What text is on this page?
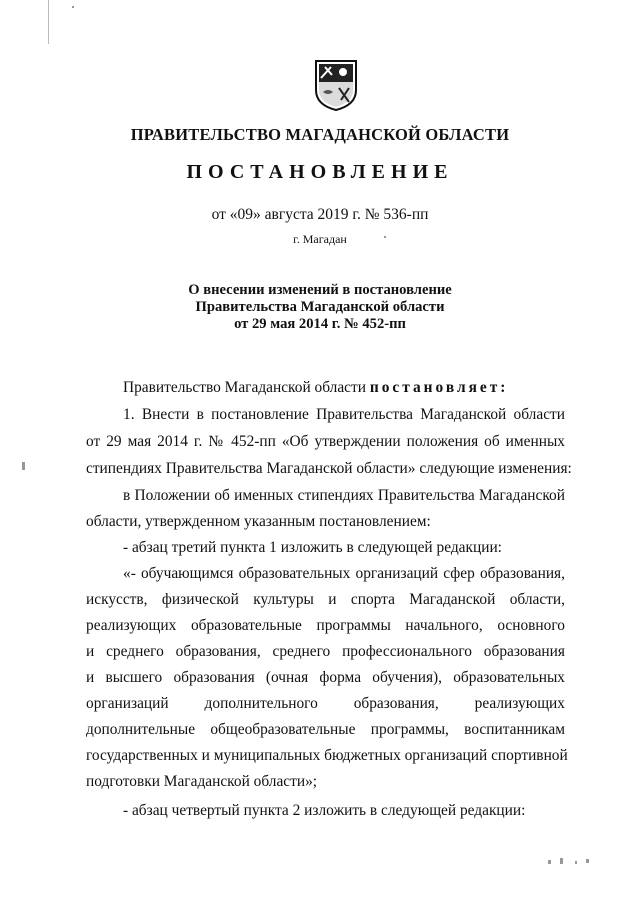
ПРАВИТЕЛЬСТВО МАГАДАНСКОЙ ОБЛАСТИ
ПОСТАНОВЛЕНИЕ
от «09» августа 2019 г. № 536-пп
г. Магадан
О внесении изменений в постановление
Правительства Магаданской области
от 29 мая 2014 г. № 452-пп
Правительство Магаданской области постановляет:
1. Внести в постановление Правительства Магаданской области
от 29 мая 2014 г. № 452-пп «Об утверждении положения об именных
стипендиях Правительства Магаданской области» следующие изменения:
в Положении об именных стипендиях Правительства Магаданской
области, утвержденном указанным постановлением:
- абзац третий пункта 1 изложить в следующей редакции:
«- обучающимся образовательных организаций сфер образования,
искусств, физической культуры и спорта Магаданской области,
реализующих образовательные программы начального, основного
и среднего образования, среднего профессионального образования
и высшего образования (очная форма обучения), образовательных
организаций дополнительного образования, реализующих
дополнительные общеобразовательные программы, воспитанникам
государственных и муниципальных бюджетных организаций спортивной
подготовки Магаданской области»;
- абзац четвертый пункта 2 изложить в следующей редакции:
